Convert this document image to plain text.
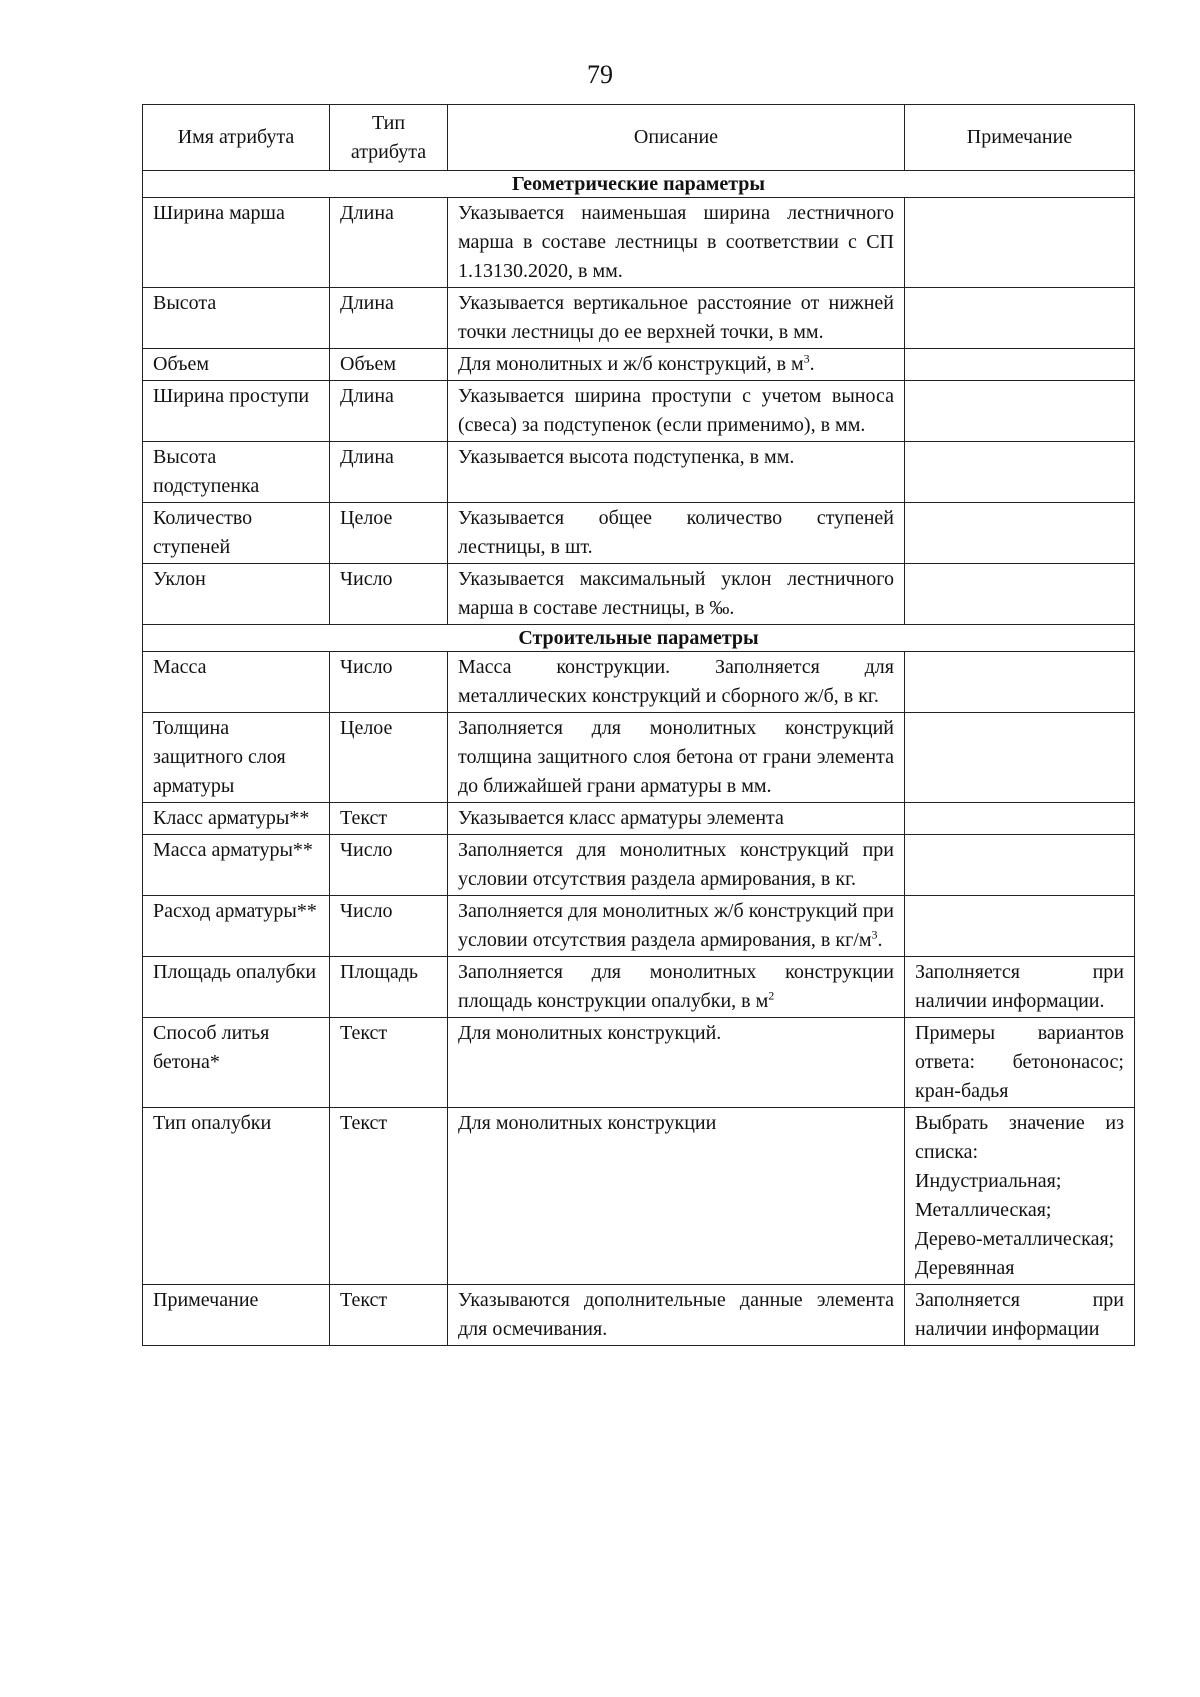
79
Имя атрибута	Тип атрибута	Описание	Примечание
Геометрические параметры			
Ширина марша	Длина	Указывается наименьшая ширина лестничного марша в составе лестницы в соответствии с СП 1.13130.2020, в мм.	
Высота	Длина	Указывается вертикальное расстояние от нижней точки лестницы до ее верхней точки, в мм.	
Объем	Объем	Для монолитных и ж/б конструкций, в $м^3$.	
Ширина проступи	Длина	Указывается ширина проступи с учетом выноса (свеса) за подступенок (если применимо), в мм.	
Высота подступенка	Длина	Указывается высота подступенка, в мм.	
Количество ступеней	Целое	Указывается общее количество ступеней лестницы, в шт.	
Уклон	Число	Указывается максимальный уклон лестничного марша в составе лестницы, в ‰.	
Строительные параметры			
Масса	Число	Масса конструкции. Заполняется для металлических конструкций и сборного ж/б, в кг.	
Толщина защитного слоя арматуры	Целое	Заполняется для монолитных конструкций толщина защитного слоя бетона от грани элемента до ближайшей грани арматуры в мм.	
Класс арматуры**	Текст	Указывается класс арматуры элемента	
Масса арматуры**	Число	Заполняется для монолитных конструкций при условии отсутствия раздела армирования, в кг.	
Расход арматуры**	Число	Заполняется для монолитных ж/б конструкций при условии отсутствия раздела армирования, в $кг/м^3$.	
Площадь опалубки	Площадь	Заполняется для монолитных конструкции площадь конструкции опалубки, в $м^2$	Заполняется при наличии информации.
Способ литья бетона*	Текст	Для монолитных конструкций.	Примеры вариантов ответа: бетононасос; кран-бадья
Тип опалубки	Текст	Для монолитных конструкции	Выбрать значение из списка:
Индустриальная;
Металлическая;
Дерево-металлическая;
Деревянная

Примечание	Текст	Указываются дополнительные данные элемента для осмечивания.	Заполняется при наличии информации
